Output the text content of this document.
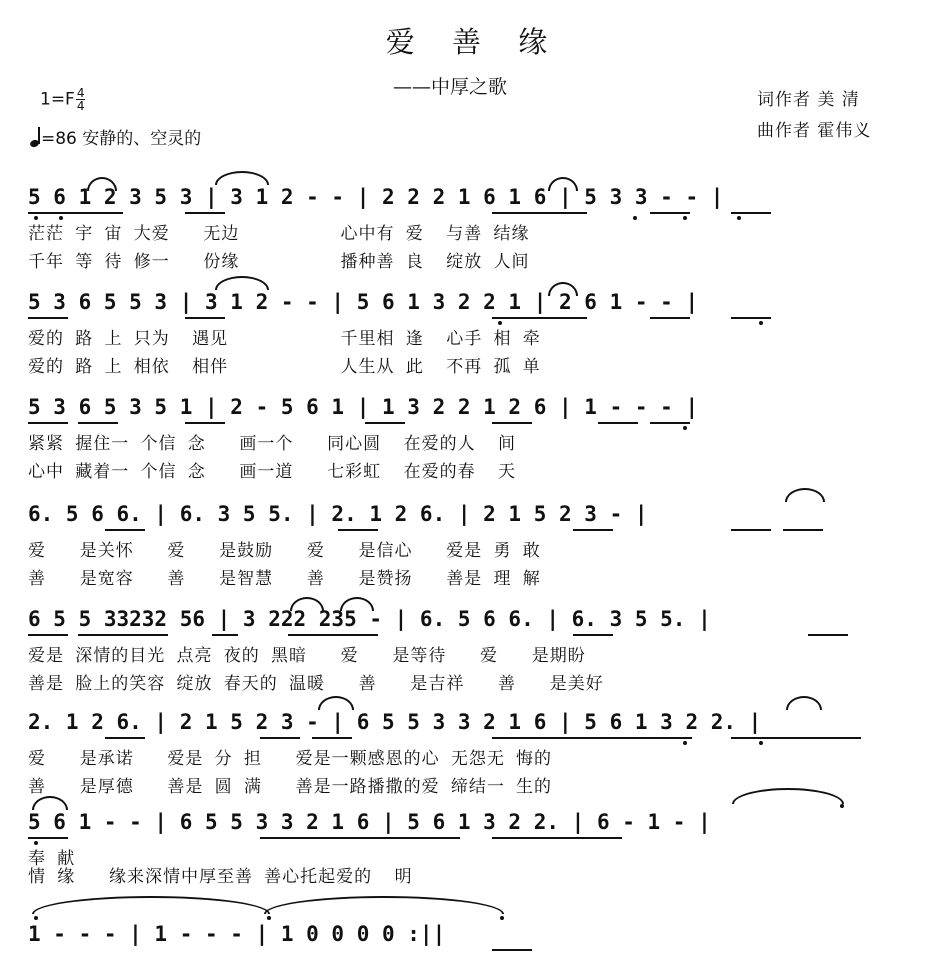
爱 善 缘
——中厚之歌
词作者 美 清
曲作者 霍伟义
$1=F \frac{4}{4}$
=86 安静的、空灵的
5 6 1 2 3 5 3 | 3 1 2 - - | 2 2 2 1 6 1 6 | 5 3 3 - - |
茫茫 宇 宙 大爱   无边         心中有 爱  与善 结缘
千年 等 待 修一   份缘         播种善 良  绽放 人间
5 3 6 5 5 3 | 3 1 2 - - | 5 6 1 3 2 2 1 | 2 6 1 - - |
爱的 路 上 只为  遇见          千里相 逢  心手 相 牵
爱的 路 上 相依  相伴          人生从 此  不再 孤 单
5 3 6 5 3 5 1 | 2 - 5 6 1 | 1 3 2 2 1 2 6 | 1 - - - |
紧紧 握住一 个信 念   画一个   同心圆  在爱的人  间
心中 藏着一 个信 念   画一道   七彩虹  在爱的春  天
6. 5 6 6. | 6. 3 5 5. | 2. 1 2 6. | 2 1 5 2 3 - |
爱   是关怀   爱   是鼓励   爱   是信心   爱是 勇 敢
善   是宽容   善   是智慧   善   是赞扬   善是 理 解
6 5 5 33232 56 | 3 222 235 - | 6. 5 6 6. | 6. 3 5 5. |
爱是 深情的目光 点亮 夜的 黑暗   爱   是等待   爱   是期盼
善是 脸上的笑容 绽放 春天的 温暖   善   是吉祥   善   是美好
2. 1 2 6. | 2 1 5 2 3 - | 6 5 5 3 3 2 1 6 | 5 6 1 3 2 2. |
爱   是承诺   爱是 分 担   爱是一颗感恩的心 无怨无 悔的
善   是厚德   善是 圆 满   善是一路播撒的爱 缔结一 生的
5 6 1 - - | 6 5 5 3 3 2 1 6 | 5 6 1 3 2 2. | 6 - 1 - |
奉 献
情 缘   缘来深情中厚至善 善心托起爱的  明
1 - - - | 1 - - - | 1 0 0 0 0 :||
